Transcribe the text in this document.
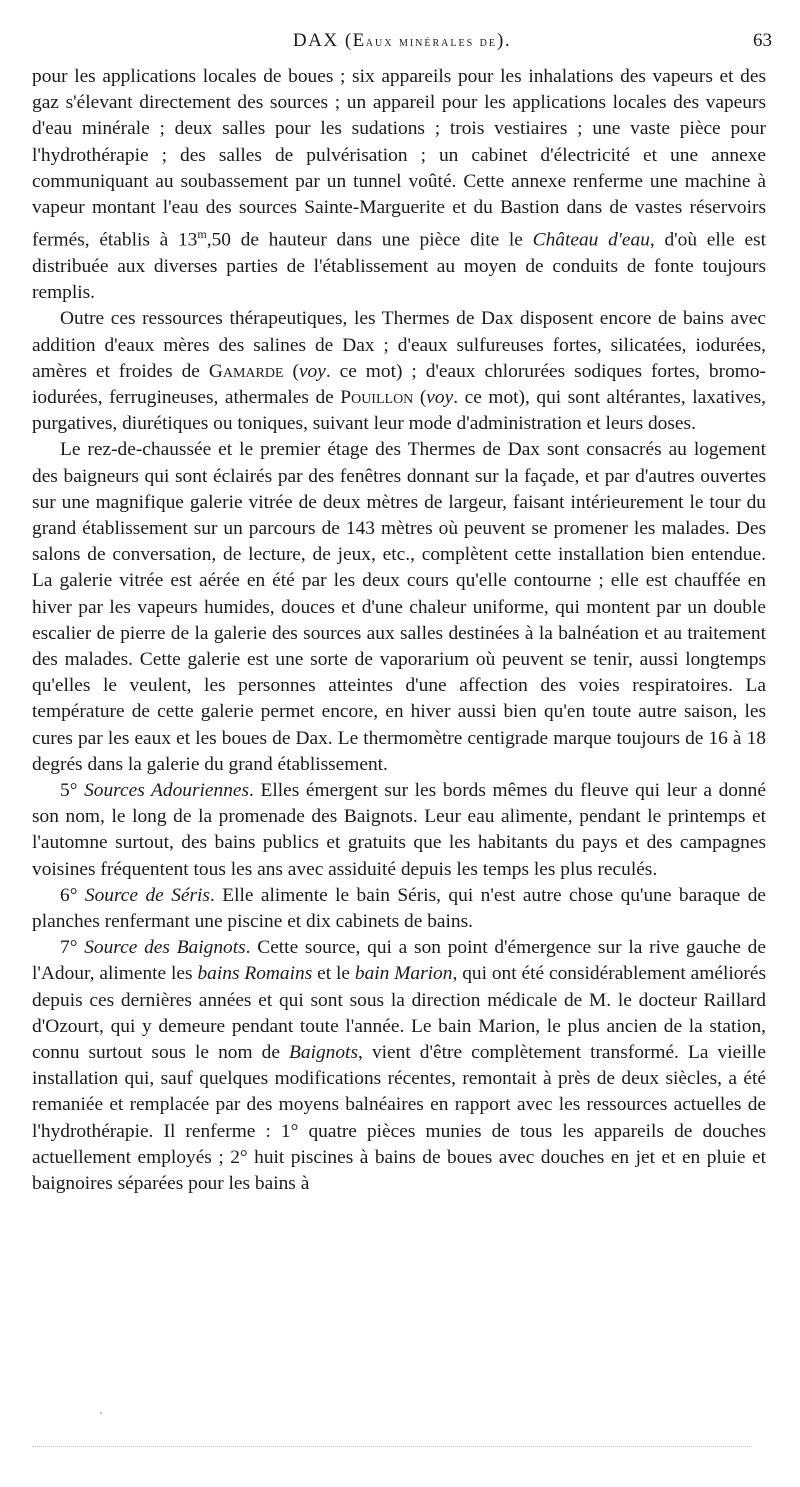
DAX (Eaux minérales de).	63

pour les applications locales de boues ; six appareils pour les inhalations des vapeurs et des gaz s'élevant directement des sources ; un appareil pour les applications locales des vapeurs d'eau minérale ; deux salles pour les sudations ; trois vestiaires ; une vaste pièce pour l'hydrothérapie ; des salles de pulvérisation ; un cabinet d'électricité et une annexe communiquant au soubassement par un tunnel voûté. Cette annexe renferme une machine à vapeur montant l'eau des sources Sainte-Marguerite et du Bastion dans de vastes réservoirs fermés, établis à 13$^m$,50 de hauteur dans une pièce dite le Château d'eau, d'où elle est distribuée aux diverses parties de l'établissement au moyen de conduits de fonte toujours remplis.

Outre ces ressources thérapeutiques, les Thermes de Dax disposent encore de bains avec addition d'eaux mères des salines de Dax ; d'eaux sulfureuses fortes, silicatées, iodurées, amères et froides de Gamarde (voy. ce mot) ; d'eaux chlorurées sodiques fortes, bromo-iodurées, ferrugineuses, athermales de Pouillon (voy. ce mot), qui sont altérantes, laxatives, purgatives, diurétiques ou toniques, suivant leur mode d'administration et leurs doses.

Le rez-de-chaussée et le premier étage des Thermes de Dax sont consacrés au logement des baigneurs qui sont éclairés par des fenêtres donnant sur la façade, et par d'autres ouvertes sur une magnifique galerie vitrée de deux mètres de largeur, faisant intérieurement le tour du grand établissement sur un parcours de 143 mètres où peuvent se promener les malades. Des salons de conversation, de lecture, de jeux, etc., complètent cette installation bien entendue. La galerie vitrée est aérée en été par les deux cours qu'elle contourne ; elle est chauffée en hiver par les vapeurs humides, douces et d'une chaleur uniforme, qui montent par un double escalier de pierre de la galerie des sources aux salles destinées à la balnéation et au traitement des malades. Cette galerie est une sorte de vaporarium où peuvent se tenir, aussi longtemps qu'elles le veulent, les personnes atteintes d'une affection des voies respiratoires. La température de cette galerie permet encore, en hiver aussi bien qu'en toute autre saison, les cures par les eaux et les boues de Dax. Le thermomètre centigrade marque toujours de 16 à 18 degrés dans la galerie du grand établissement.

5° Sources Adouriennes. Elles émergent sur les bords mêmes du fleuve qui leur a donné son nom, le long de la promenade des Baignots. Leur eau alimente, pendant le printemps et l'automne surtout, des bains publics et gratuits que les habitants du pays et des campagnes voisines fréquentent tous les ans avec assiduité depuis les temps les plus reculés.

6° Source de Séris. Elle alimente le bain Séris, qui n'est autre chose qu'une baraque de planches renfermant une piscine et dix cabinets de bains.

7° Source des Baignots. Cette source, qui a son point d'émergence sur la rive gauche de l'Adour, alimente les bains Romains et le bain Marion, qui ont été considérablement améliorés depuis ces dernières années et qui sont sous la direction médicale de M. le docteur Raillard d'Ozourt, qui y demeure pendant toute l'année. Le bain Marion, le plus ancien de la station, connu surtout sous le nom de Baignots, vient d'être complètement transformé. La vieille installation qui, sauf quelques modifications récentes, remontait à près de deux siècles, a été remaniée et remplacée par des moyens balnéaires en rapport avec les ressources actuelles de l'hydrothérapie. Il renferme : 1° quatre pièces munies de tous les appareils de douches actuellement employés ; 2° huit piscines à bains de boues avec douches en jet et en pluie et baignoires séparées pour les bains à
